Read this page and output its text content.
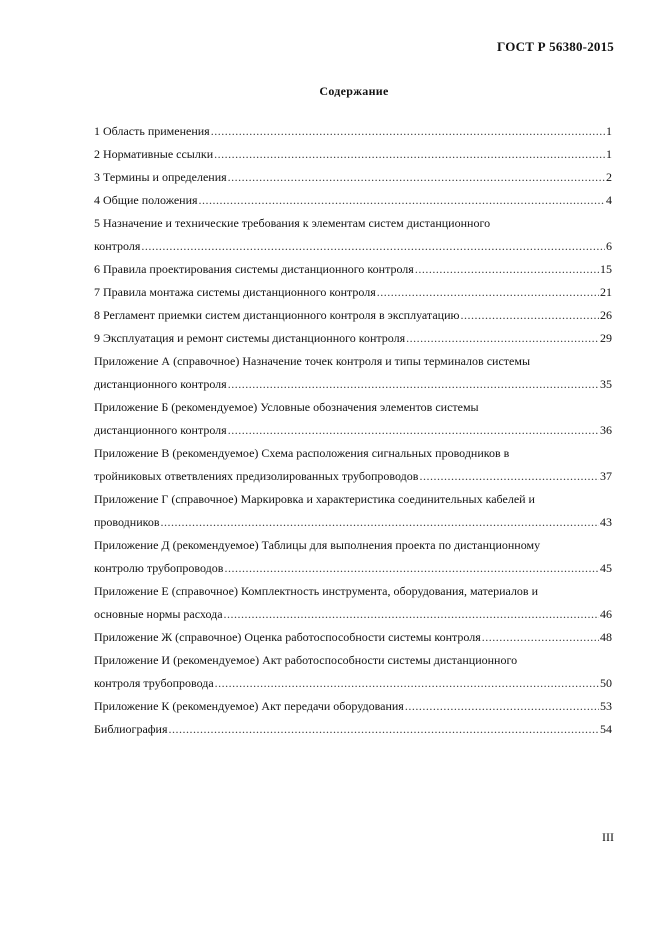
ГОСТ Р 56380-2015
Содержание
1 Область применения .....	1
2 Нормативные ссылки .....	1
3 Термины и определения .....	2
4 Общие положения .....	4
5 Назначение и технические требования к элементам систем дистанционного
контроля .....	6
6 Правила проектирования системы дистанционного контроля .....	15
7 Правила монтажа системы дистанционного контроля .....	21
8 Регламент приемки систем дистанционного контроля в эксплуатацию .....	26
9 Эксплуатация и ремонт системы дистанционного контроля .....	29
Приложение А (справочное) Назначение точек контроля и типы терминалов системы
дистанционного контроля .....	35
Приложение Б (рекомендуемое) Условные обозначения элементов системы
дистанционного контроля .....	36
Приложение В (рекомендуемое) Схема расположения сигнальных проводников в
тройниковых ответвлениях предизолированных трубопроводов .....	37
Приложение Г (справочное) Маркировка и характеристика соединительных кабелей и
проводников .....	43
Приложение Д (рекомендуемое) Таблицы для выполнения проекта по дистанционному
контролю трубопроводов .....	45
Приложение Е (справочное) Комплектность инструмента, оборудования, материалов и
основные нормы расхода .....	46
Приложение Ж (справочное) Оценка работоспособности системы контроля .....	48
Приложение И (рекомендуемое) Акт работоспособности системы дистанционного
контроля трубопровода .....	50
Приложение К (рекомендуемое) Акт передачи оборудования .....	53
Библиография .....	54
III
